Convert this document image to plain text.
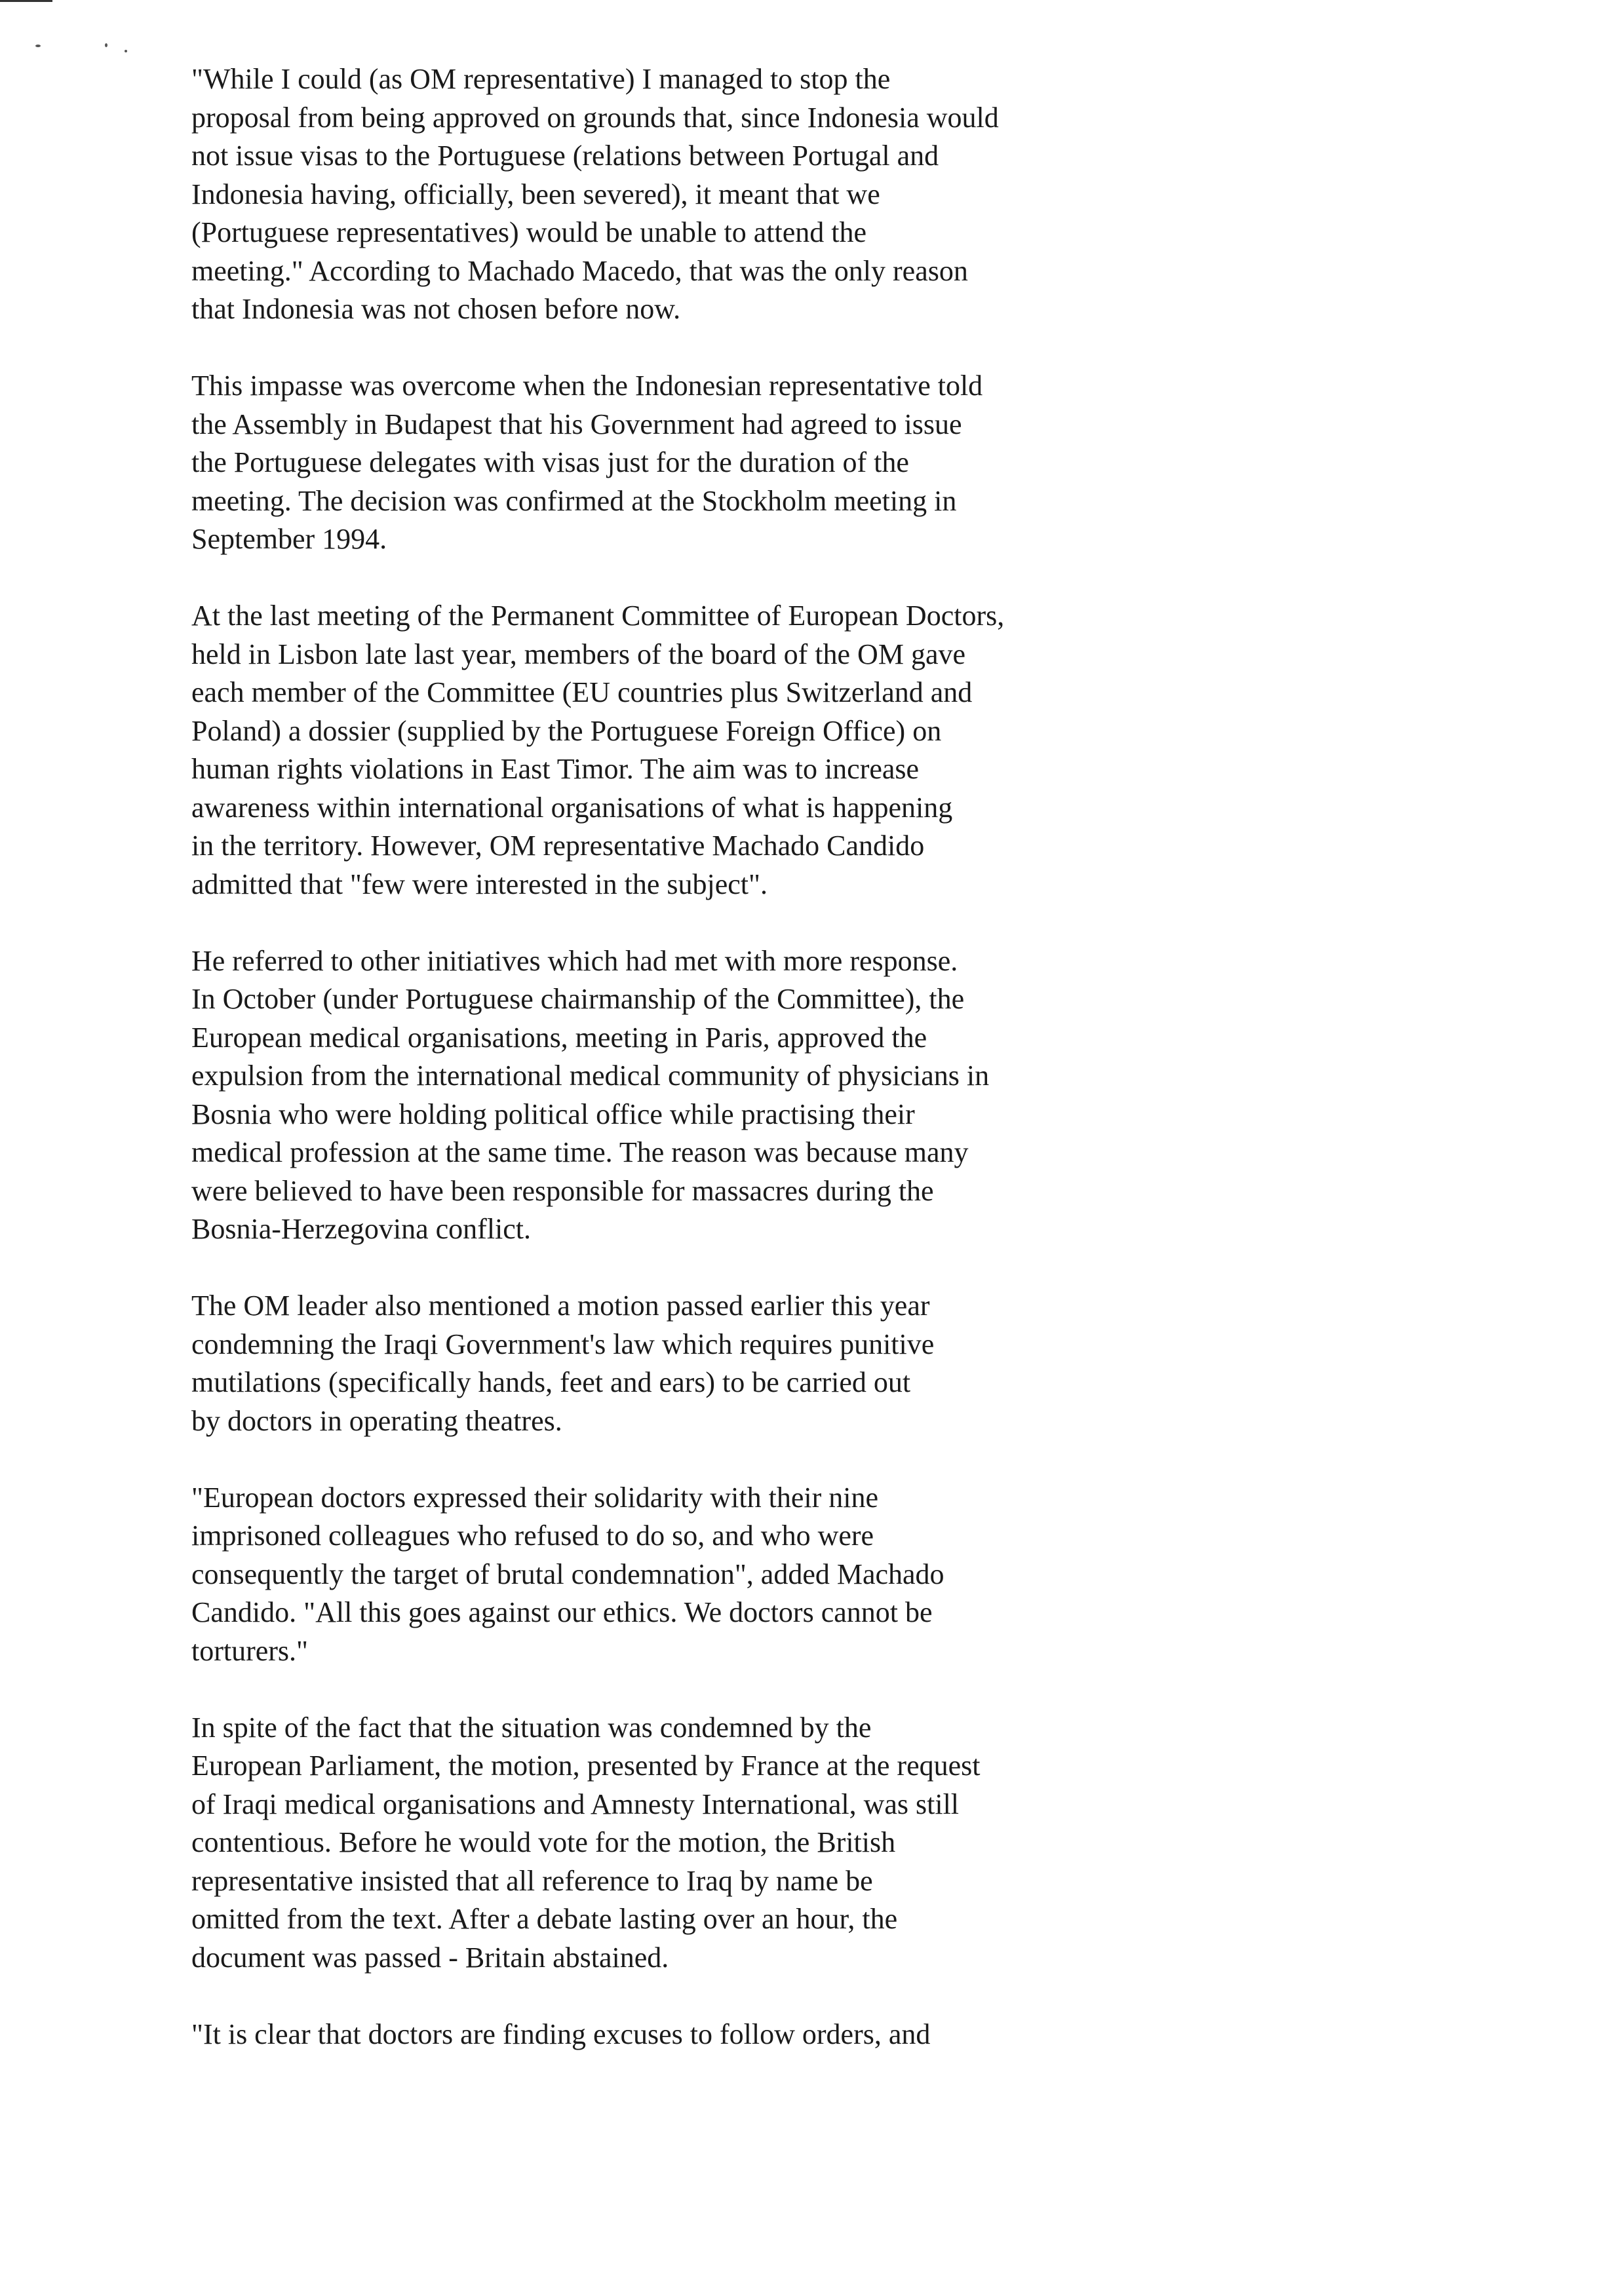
"While I could (as OM representative) I managed to stop the
proposal from being approved on grounds that, since Indonesia would
not issue visas to the Portuguese (relations between Portugal and
Indonesia having, officially, been severed), it meant that we
(Portuguese representatives) would be unable to attend the
meeting." According to Machado Macedo, that was the only reason
that Indonesia was not chosen before now.

This impasse was overcome when the Indonesian representative told
the Assembly in Budapest that his Government had agreed to issue
the Portuguese delegates with visas just for the duration of the
meeting. The decision was confirmed at the Stockholm meeting in
September 1994.

At the last meeting of the Permanent Committee of European Doctors,
held in Lisbon late last year, members of the board of the OM gave
each member of the Committee (EU countries plus Switzerland and
Poland) a dossier (supplied by the Portuguese Foreign Office) on
human rights violations in East Timor. The aim was to increase
awareness within international organisations of what is happening
in the territory. However, OM representative Machado Candido
admitted that "few were interested in the subject".

He referred to other initiatives which had met with more response.
In October (under Portuguese chairmanship of the Committee), the
European medical organisations, meeting in Paris, approved the
expulsion from the international medical community of physicians in
Bosnia who were holding political office while practising their
medical profession at the same time. The reason was because many
were believed to have been responsible for massacres during the
Bosnia-Herzegovina conflict.

The OM leader also mentioned a motion passed earlier this year
condemning the Iraqi Government's law which requires punitive
mutilations (specifically hands, feet and ears) to be carried out
by doctors in operating theatres.

"European doctors expressed their solidarity with their nine
imprisoned colleagues who refused to do so, and who were
consequently the target of brutal condemnation", added Machado
Candido. "All this goes against our ethics. We doctors cannot be
torturers."

In spite of the fact that the situation was condemned by the
European Parliament, the motion, presented by France at the request
of Iraqi medical organisations and Amnesty International, was still
contentious. Before he would vote for the motion, the British
representative insisted that all reference to Iraq by name be
omitted from the text. After a debate lasting over an hour, the
document was passed - Britain abstained.

"It is clear that doctors are finding excuses to follow orders, and
